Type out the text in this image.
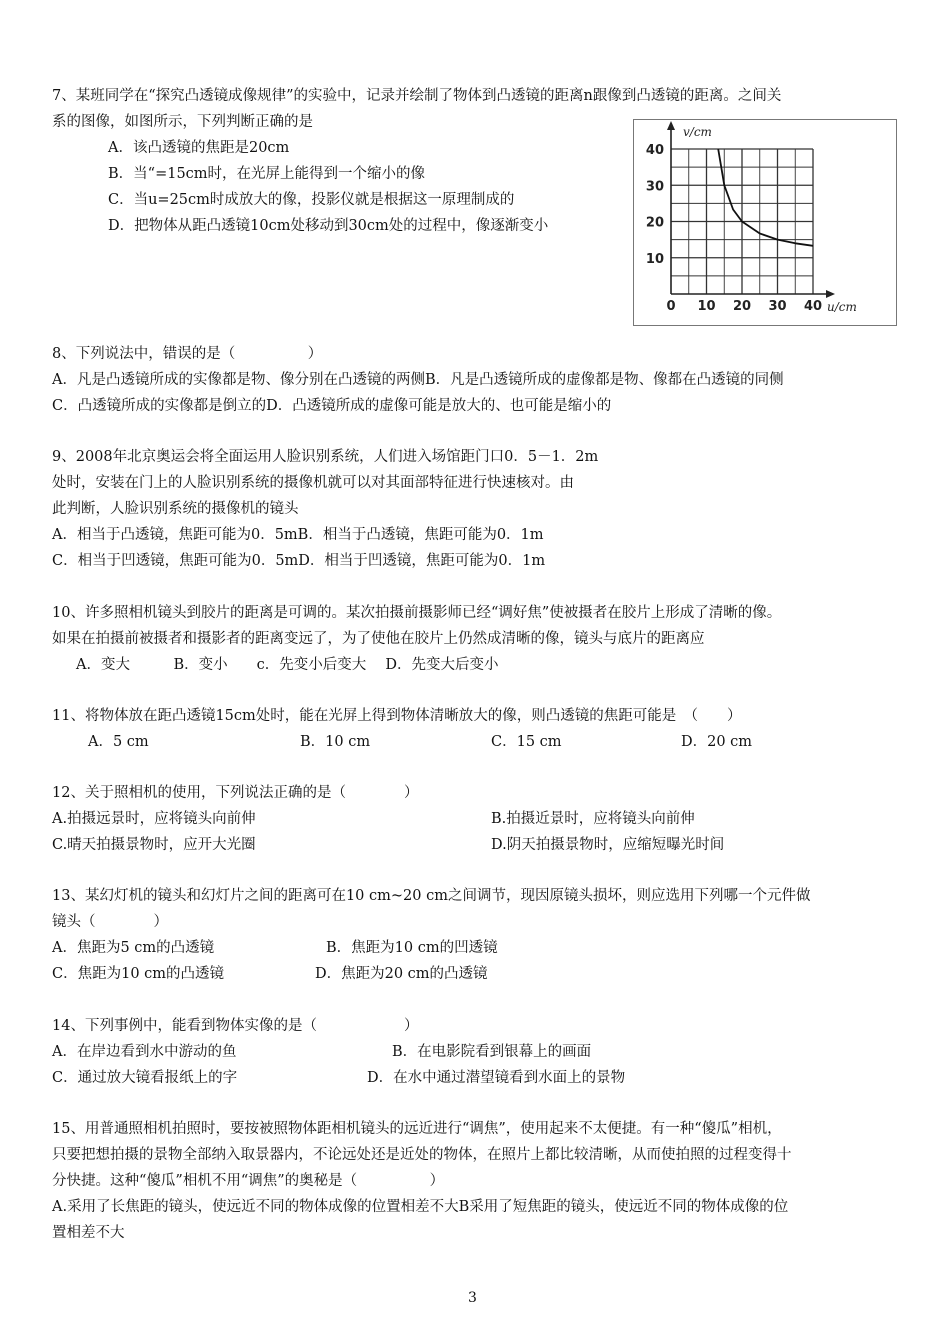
7、某班同学在“探究凸透镜成像规律”的实验中，记录并绘制了物体到凸透镜的距离n跟像到凸透镜的距离。之间关
系的图像，如图所示，下列判断正确的是
A．该凸透镜的焦距是20cm
B．当“=15cm时，在光屏上能得到一个缩小的像
C．当u=25cm时成放大的像，投影仪就是根据这一原理制成的
D．把物体从距凸透镜10cm处移动到30cm处的过程中，像逐渐变小
0 10 20 30 40
10
20
30
40
v/cm
u/cm
8、下列说法中，错误的是（　　　　　）
A．凡是凸透镜所成的实像都是物、像分别在凸透镜的两侧B．凡是凸透镜所成的虚像都是物、像都在凸透镜的同侧
C．凸透镜所成的实像都是倒立的D．凸透镜所成的虚像可能是放大的、也可能是缩小的
9、2008年北京奥运会将全面运用人脸识别系统，人们进入场馆距门口0．5－1．2m
处时，安装在门上的人脸识别系统的摄像机就可以对其面部特征进行快速核对。由
此判断，人脸识别系统的摄像机的镜头
A．相当于凸透镜，焦距可能为0．5mB．相当于凸透镜，焦距可能为0．1m
C．相当于凹透镜，焦距可能为0．5mD．相当于凹透镜，焦距可能为0．1m
10、许多照相机镜头到胶片的距离是可调的。某次拍摄前摄影师已经“调好焦”使被摄者在胶片上形成了清晰的像。
如果在拍摄前被摄者和摄影者的距离变远了，为了使他在胶片上仍然成清晰的像，镜头与底片的距离应
A．变大　　　B．变小　　c．先变小后变大　 D．先变大后变小
11、将物体放在距凸透镜15cm处时，能在光屏上得到物体清晰放大的像，则凸透镜的焦距可能是　（　　）
A．5 cm	B．10 cm	C．15 cm	D．20 cm
12、关于照相机的使用，下列说法正确的是（　　　　）
A.拍摄远景时，应将镜头向前伸	B.拍摄近景时，应将镜头向前伸
C.晴天拍摄景物时，应开大光圈	D.阴天拍摄景物时，应缩短曝光时间
13、某幻灯机的镜头和幻灯片之间的距离可在10 cm~20 cm之间调节，现因原镜头损坏，则应选用下列哪一个元件做
镜头（　　　　）
A．焦距为5 cm的凸透镜	B．焦距为10 cm的凹透镜
C．焦距为10 cm的凸透镜	D．焦距为20 cm的凸透镜
14、下列事例中，能看到物体实像的是（　　　　　　）
A．在岸边看到水中游动的鱼	B．在电影院看到银幕上的画面
C．通过放大镜看报纸上的字	D．在水中通过潜望镜看到水面上的景物
15、用普通照相机拍照时，要按被照物体距相机镜头的远近进行“调焦”，使用起来不太便捷。有一种“傻瓜”相机，
只要把想拍摄的景物全部纳入取景器内，不论远处还是近处的物体，在照片上都比较清晰，从而使拍照的过程变得十
分快捷。这种“傻瓜”相机不用“调焦”的奥秘是（　　　　　）
A.采用了长焦距的镜头，使远近不同的物体成像的位置相差不大B采用了短焦距的镜头，使远近不同的物体成像的位
置相差不大
3
